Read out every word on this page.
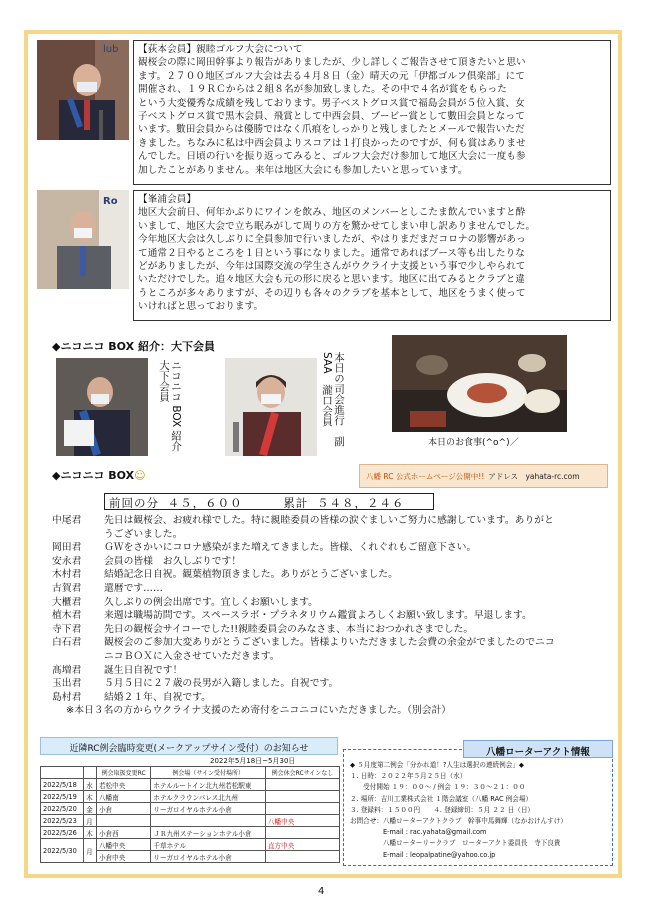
lub 【荻本会員】親睦ゴルフ大会について
観桜会の際に岡田幹事より報告がありましたが、少し詳しくご報告させて頂きたいと思い
ます。２７００地区ゴルフ大会は去る４月８日（金）晴天の元「伊都ゴルフ倶楽部」にて
開催され、１９ＲＣからは２組８名が参加致しました。その中で４名が賞をもらった
という大変優秀な成績を残しております。男子ベストグロス賞で福島会員が５位入賞、女
子ベストグロス賞で黒木会員、飛賞として中西会員、ブービー賞として數田会員となって
います。數田会員からは優勝ではなく爪痕をしっかりと残しましたとメールで報告いただ
きました。ちなみに私は中西会員よりスコアは１打良かったのですが、何も賞はありませ
んでした。日頃の行いを振り返ってみると、ゴルフ大会だけ参加して地区大会に一度も参
加したことがありません。来年は地区大会にも参加したいと思っています。
Ro 【峯浦会員】
地区大会前日、何年かぶりにワインを飲み、地区のメンバーとしこたま飲んでいますと酔
いまして、地区大会で立ち眠みがして周りの方を驚かせてしまい申し訳ありませんでした。
今年地区大会は久しぶりに全員参加で行いましたが、やはりまだまだコロナの影響があっ
て通常２日やるところを１日という事になりました。通常であればブース等も出したりな
どがありましたが、今年は国際交流の学生さんがウクライナ支援という事で少しやられて
いただけでした。追々地区大会も元の形に戻ると思います。地区に出てみるとクラブと違
うところが多々ありますが、その辺りも各々のクラブを基本として、地区をうまく使って
いければと思っております。
◆ニコニコ BOX 紹介：大下会員
ニコニコ BOX 紹介　大下会員	本日の司会進行　副 SAA　瀧口会員
本日のお食事(^o^)／
◆ニコニコ BOX☺	八幡 RC 公式ホームページ公開中!! アドレス　yahata-rc.com
前回の分 ４５，６００	累計 ５４８，２４６
中尾君	先日は観桜会、お疲れ様でした。特に親睦委員の皆様の涙ぐましいご努力に感謝しています。ありがと
うございました。
岡田君	ＧＷをさかいにコロナ感染がまた増えてきました。皆様、くれぐれもご留意下さい。
安永君	会員の皆様　お久しぶりです！
木村君	結婚記念日自祝。観葉植物頂きました。ありがとうございました。
古賀君	還暦です……
大櫃君	久しぶりの例会出席です。宜しくお願いします。
植木君	来週は職場訪問です。スペースラボ・プラネタリウム鑑賞よろしくお願い致します。早退します。
寺下君	先日の観桜会サイコーでした!!親睦委員会のみなさま、本当におつかれさまでした。
白石君	観桜会のご参加大変ありがとうございました。皆様よりいただきました会費の余金がでましたのでニコ
ニコＢＯＸに入金させていただきます。
髙増君	誕生日自祝です！
玉出君	５月５日に２７歳の長男が入籍しました。自祝です。
島村君	結婚２１年、自祝です。
※本日３名の方からウクライナ支援のため寄付をニコニコにいただきました。（別会計）
近隣RC例会臨時変更(メークアップサイン受付）のお知らせ
2022年5月18日~5月30日
		例会取扱変更RC	例会場（サイン受付場所）	例会休会RCサインなし
2022/5/18	水	若松中央	ホテルルートイン北九州若松駅東	
2022/5/19	木	八幡南	ホテルクラウンパレス北九州	
2022/5/20	金	小倉	リーガロイヤルホテル小倉	
2022/5/23	月			八幡中央
2022/5/26	木	小倉西	ＪＲ九州ステーションホテル小倉	
2022/5/30	月	八幡中央	千草ホテル	直方中央
		小倉中央	リーガロイヤルホテル小倉	
八幡ローターアクト情報
◆ ５月度第二例会「分かれ道！?人生は選択の連続例会」◆
１. 日時：２０２２年５月２５日（水）
　　受付開始 １９：００～ / 例会 １９：３０～２１：００
２. 場所：吉川工業株式会社 １階会議室（八幡 RAC 例会場）
３. 登録料：１５００円　　４. 登録締切：５月 ２２ 日（日）
お問合せ：八幡ローターアクトクラブ　幹事中馬舞輝（なかおけんすけ）
　　　　　E-mail : rac.yahata@gmail.com
　　　　　八幡ローターリークラブ　ローターアクト委員長　寺下良貴
　　　　　E-mail : leopalpatine@yahoo.co.jp
4
